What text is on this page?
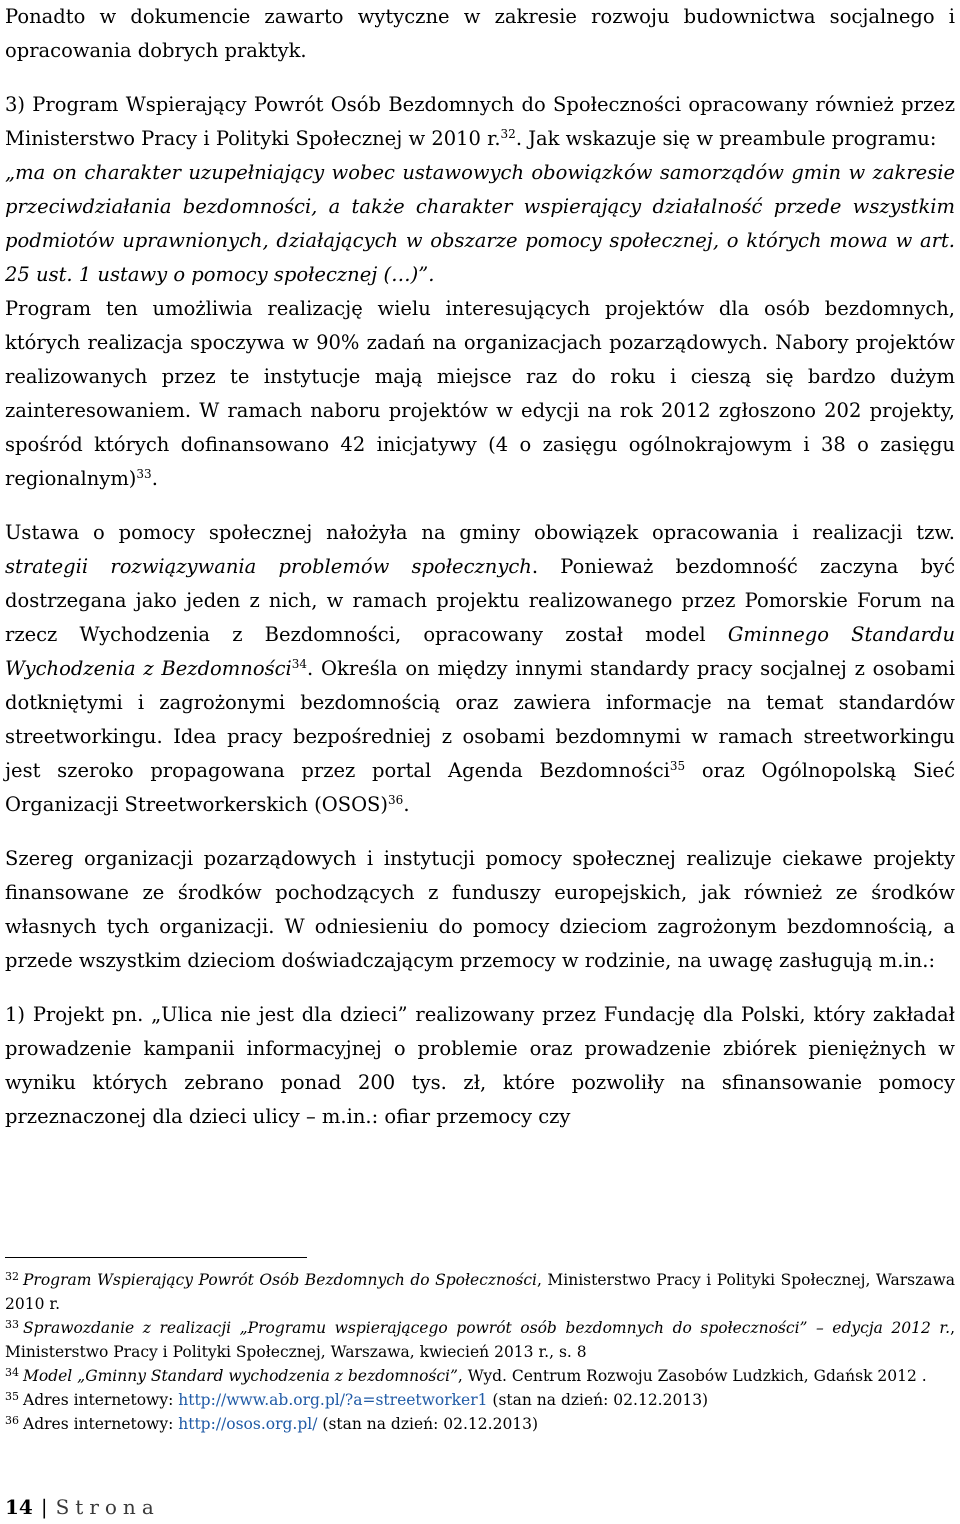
Ponadto w dokumencie zawarto wytyczne w zakresie rozwoju budownictwa socjalnego i opracowania dobrych praktyk.

3) Program Wspierający Powrót Osób Bezdomnych do Społeczności opracowany również przez Ministerstwo Pracy i Polityki Społecznej w 2010 r.$^{32}$. Jak wskazuje się w preambule programu:
„ma on charakter uzupełniający wobec ustawowych obowiązków samorządów gmin w zakresie przeciwdziałania bezdomności, a także charakter wspierający działalność przede wszystkim podmiotów uprawnionych, działających w obszarze pomocy społecznej, o których mowa w art. 25 ust. 1 ustawy o pomocy społecznej (…)”.
Program ten umożliwia realizację wielu interesujących projektów dla osób bezdomnych, których realizacja spoczywa w 90% zadań na organizacjach pozarządowych. Nabory projektów realizowanych przez te instytucje mają miejsce raz do roku i cieszą się bardzo dużym zainteresowaniem. W ramach naboru projektów w edycji na rok 2012 zgłoszono 202 projekty, spośród których dofinansowano 42 inicjatywy (4 o zasięgu ogólnokrajowym i 38 o zasięgu regionalnym)$^{33}$.

Ustawa o pomocy społecznej nałożyła na gminy obowiązek opracowania i realizacji tzw. strategii rozwiązywania problemów społecznych. Ponieważ bezdomność zaczyna być dostrzegana jako jeden z nich, w ramach projektu realizowanego przez Pomorskie Forum na rzecz Wychodzenia z Bezdomności, opracowany został model Gminnego Standardu Wychodzenia z Bezdomności$^{34}$. Określa on między innymi standardy pracy socjalnej z osobami dotkniętymi i zagrożonymi bezdomnością oraz zawiera informacje na temat standardów streetworkingu. Idea pracy bezpośredniej z osobami bezdomnymi w ramach streetworkingu jest szeroko propagowana przez portal Agenda Bezdomności$^{35}$ oraz Ogólnopolską Sieć Organizacji Streetworkerskich (OSOS)$^{36}$.

Szereg organizacji pozarządowych i instytucji pomocy społecznej realizuje ciekawe projekty finansowane ze środków pochodzących z funduszy europejskich, jak również ze środków własnych tych organizacji. W odniesieniu do pomocy dzieciom zagrożonym bezdomnością, a przede wszystkim dzieciom doświadczającym przemocy w rodzinie, na uwagę zasługują m.in.:

1) Projekt pn. „Ulica nie jest dla dzieci” realizowany przez Fundację dla Polski, który zakładał prowadzenie kampanii informacyjnej o problemie oraz prowadzenie zbiórek pieniężnych w wyniku których zebrano ponad 200 tys. zł, które pozwoliły na sfinansowanie pomocy przeznaczonej dla dzieci ulicy – m.in.: ofiar przemocy czy

$^{32}$ Program Wspierający Powrót Osób Bezdomnych do Społeczności, Ministerstwo Pracy i Polityki Społecznej, Warszawa 2010 r.

$^{33}$ Sprawozdanie z realizacji „Programu wspierającego powrót osób bezdomnych do społeczności” – edycja 2012 r., Ministerstwo Pracy i Polityki Społecznej, Warszawa, kwiecień 2013 r., s. 8

$^{34}$ Model „Gminny Standard wychodzenia z bezdomności”, Wyd. Centrum Rozwoju Zasobów Ludzkich, Gdańsk 2012 .

$^{35}$ Adres internetowy: http://www.ab.org.pl/?a=streetworker1 (stan na dzień: 02.12.2013)

$^{36}$ Adres internetowy: http://osos.org.pl/ (stan na dzień: 02.12.2013)

14 | Strona
